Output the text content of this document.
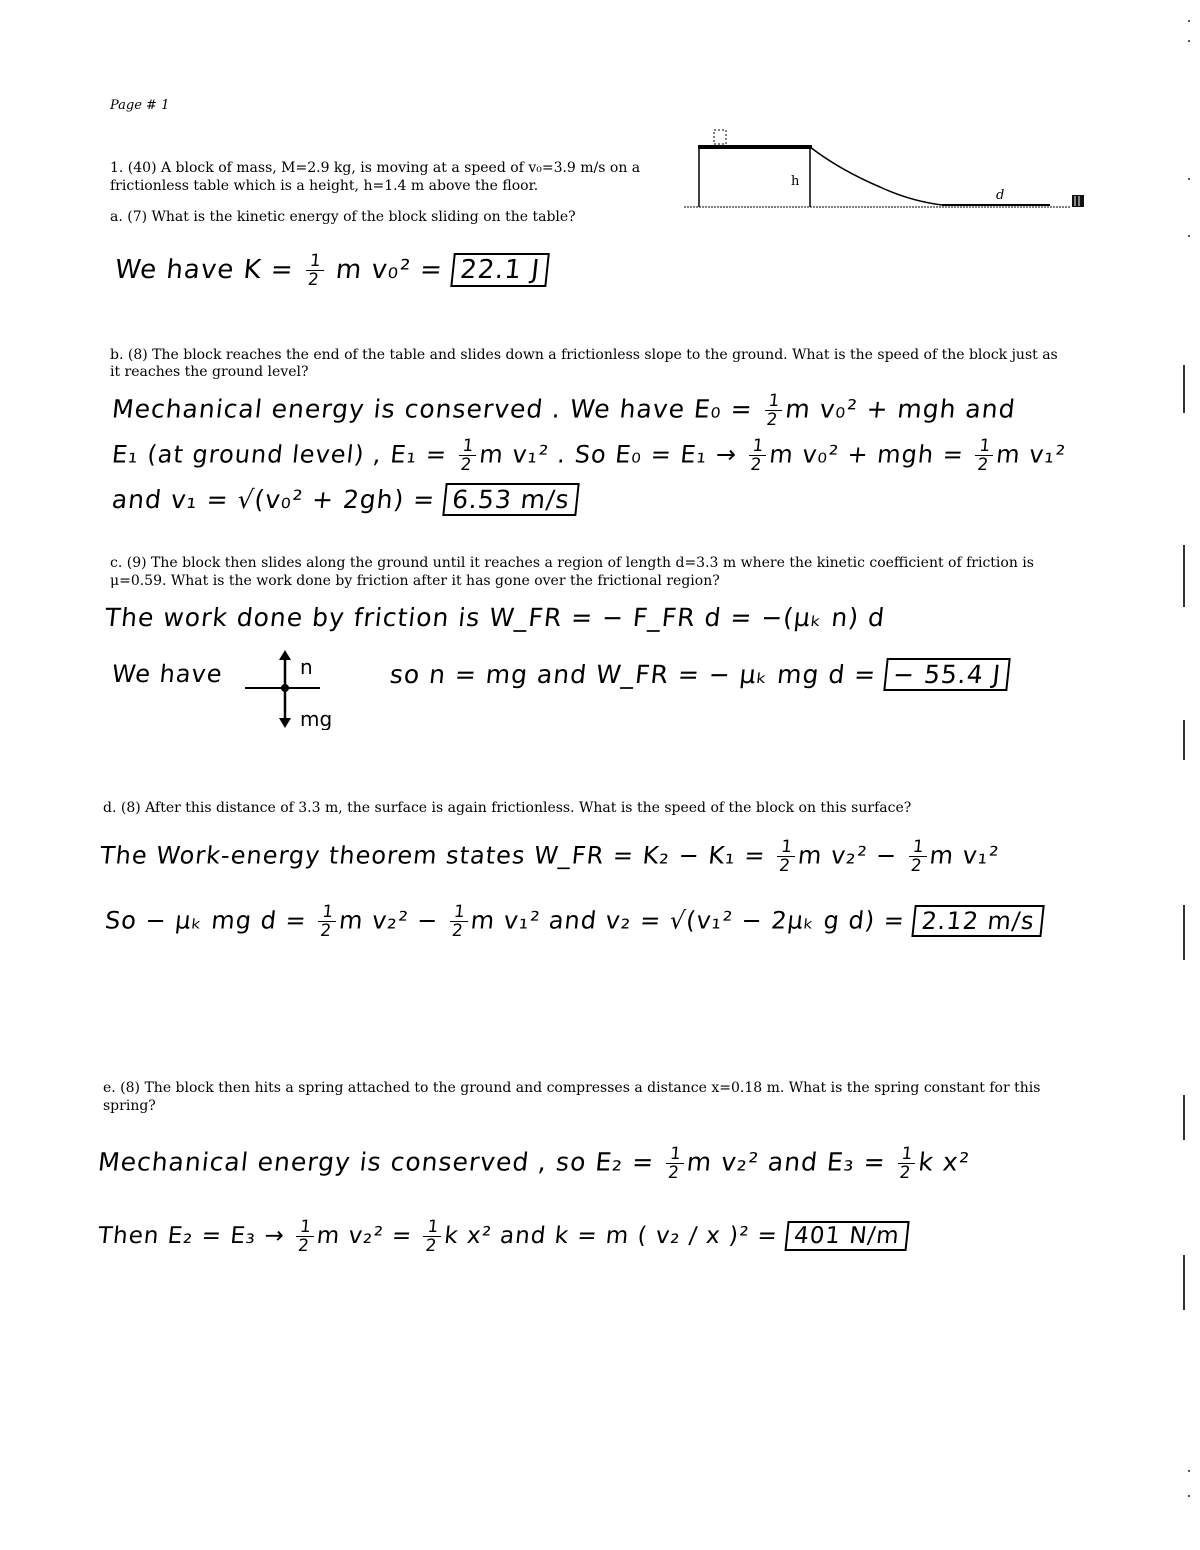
Page # 1
1. (40) A block of mass, M=2.9 kg, is moving at a speed of v₀=3.9 m/s on a
frictionless table which is a height, h=1.4 m above the floor.	h
d
a. (7) What is the kinetic energy of the block sliding on the table?
We have $K = \frac{1}{2}$ m v₀² = 22.1 J
b. (8) The block reaches the end of the table and slides down a frictionless slope to the ground. What is the speed of the block just as
it reaches the ground level?
Mechanical energy is conserved . We have $E_0 = \frac{1}{2}$ m v₀² + mgh and
E₁ (at ground level) , $E_1 = \frac{1}{2}$ m v₁² . So $E_0 = E_1 \to \frac{1}{2}$ m v₀² + mgh = $\frac{1}{2}$ m v₁²
and v₁ = √(v₀² + 2gh) = 6.53 m/s
c. (9) The block then slides along the ground until it reaches a region of length d=3.3 m where the kinetic coefficient of friction is
μ=0.59. What is the work done by friction after it has gone over the frictional region?
The work done by friction is W_FR = − F_FR d = −(μₖ n) d
We have	n
mg
so n = mg and W_FR = − μₖ mg d = − 55.4 J
d. (8) After this distance of 3.3 m, the surface is again frictionless. What is the speed of the block on this surface?
The Work-energy theorem states W_FR = $K_2 - K_1 = \frac{1}{2}$ m $v_2^2 - \frac{1}{2}$ m v₁²
So − μₖ mg $d = \frac{1}{2}$ m $v_2^2 - \frac{1}{2}$ m v₁² and v₂ = √(v₁² − 2μₖ g d) = 2.12 m/s
e. (8) The block then hits a spring attached to the ground and compresses a distance x=0.18 m. What is the spring constant for this
spring?
Mechanical energy is conserved , so $E_2 = \frac{1}{2}$ m v₂² and $E_3 = \frac{1}{2}$ k x²
Then $E_2 = E_3 \to \frac{1}{2}$ m $v_2^2 = \frac{1}{2}$ k x² and k = m ( v₂ / x )² = 401 N/m
